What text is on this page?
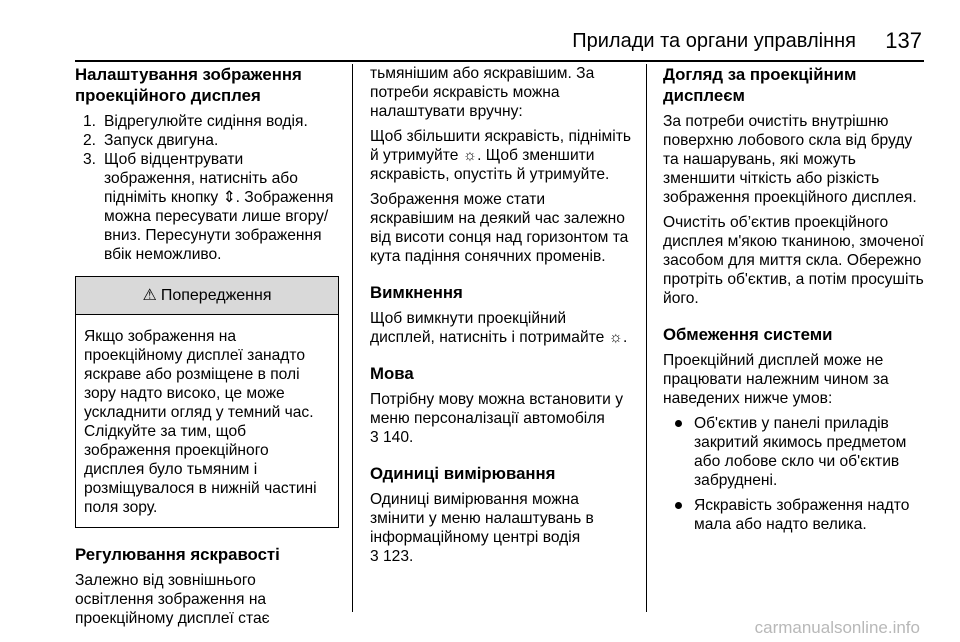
Прилади та органи управління 137
Налаштування зображення проекційного дисплея
1. Відрегулюйте сидіння водія.
2. Запуск двигуна.
3. Щоб відцентрувати зображення, натисніть або підніміть кнопку ⇕. Зображення можна пересувати лише вгору/вниз. Пересунути зображення вбік неможливо.
⚠ Попередження
Якщо зображення на проекційному дисплеї занадто яскраве або розміщене в полі зору надто високо, це може ускладнити огляд у темний час. Слідкуйте за тим, щоб зображення проекційного дисплея було тьмяним і розміщувалося в нижній частині поля зору.
Регулювання яскравості

Залежно від зовнішнього освітлення зображення на проекційному дисплеї стає

тьмянішим або яскравішим. За потреби яскравість можна налаштувати вручну:

Щоб збільшити яскравість, підніміть й утримуйте ☼. Щоб зменшити яскравість, опустіть й утримуйте.

Зображення може стати яскравішим на деякий час залежно від висоти сонця над горизонтом та кута падіння сонячних променів.

Вимкнення

Щоб вимкнути проекційний дисплей, натисніть і потримайте ☼.

Мова

Потрібну мову можна встановити у меню персоналізації автомобіля
3 140.

Одиниці вимірювання

Одиниці вимірювання можна змінити у меню налаштувань в інформаційному центрі водія
3 123.

Догляд за проекційним дисплеєм

За потреби очистіть внутрішню поверхню лобового скла від бруду та нашарувань, які можуть зменшити чіткість або різкість зображення проекційного дисплея.

Очистіть об’єктив проекційного дисплея м'якою тканиною, змоченої засобом для миття скла. Обережно протріть об'єктив, а потім просушіть його.

Обмеження системи

Проекційний дисплей може не працювати належним чином за наведених нижче умов:

Об'єктив у панелі приладів закритий якимось предметом або лобове скло чи об'єктив забруднені.
Яскравість зображення надто мала або надто велика.
carmanualsonline.info
